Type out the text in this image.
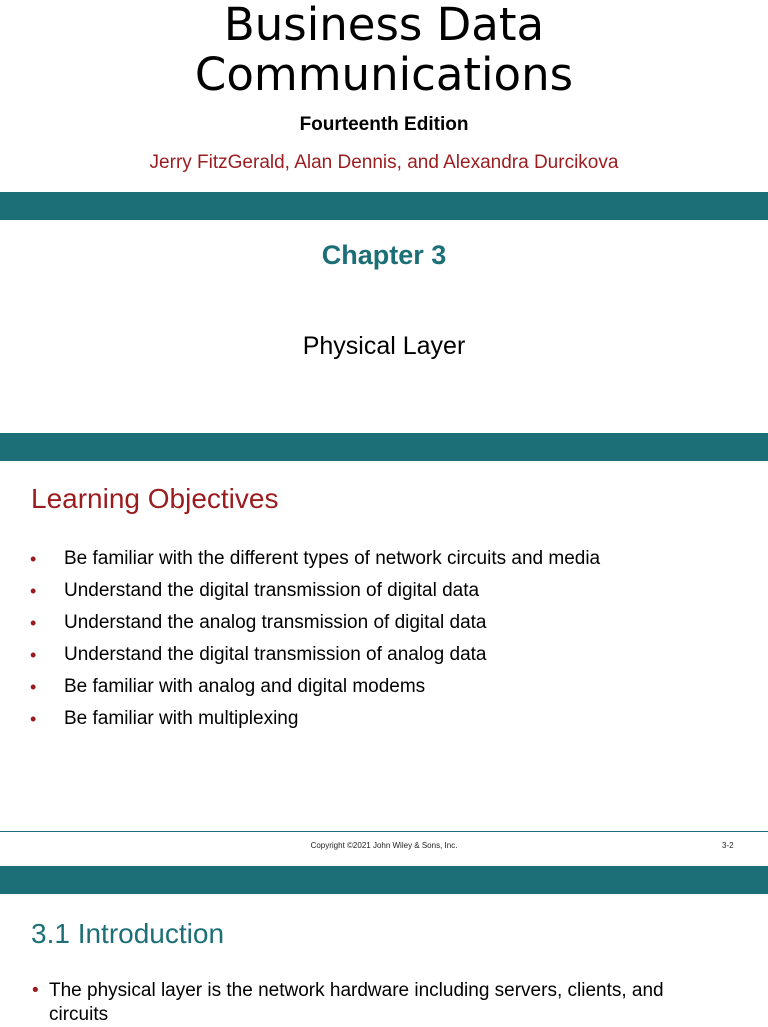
Business Data
Communications
Fourteenth Edition
Jerry FitzGerald, Alan Dennis, and Alexandra Durcikova
Chapter 3
Physical Layer
Learning Objectives
•	Be familiar with the different types of network circuits and media
•	Understand the digital transmission of digital data
•	Understand the analog transmission of digital data
•	Understand the digital transmission of analog data
•	Be familiar with analog and digital modems
•	Be familiar with multiplexing
Copyright ©2021 John Wiley & Sons, Inc.	3-2
3.1 Introduction
• The physical layer is the network hardware including servers, clients, and
circuits
